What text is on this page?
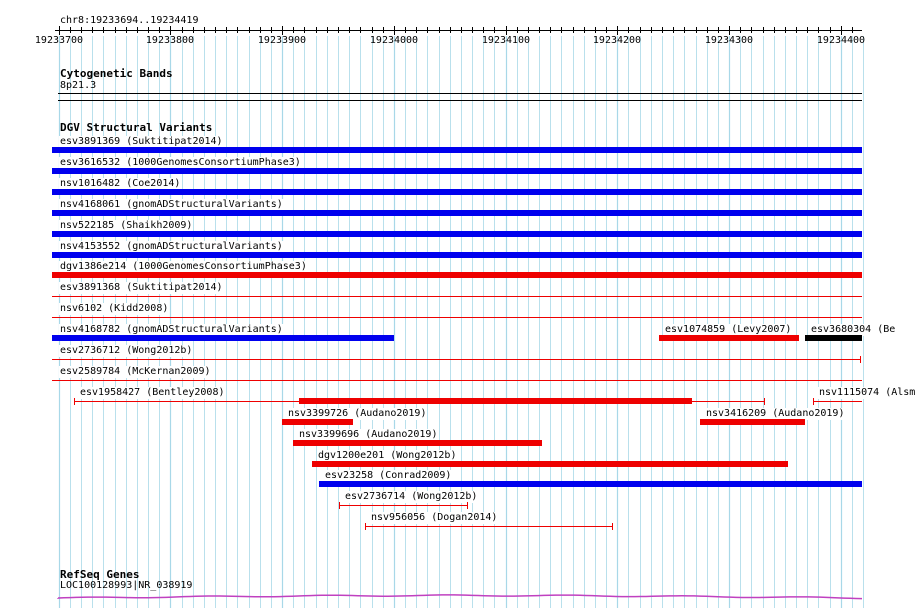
chr8:19233694..19234419
19233700	19233800	19233900	19234000	19234100	19234200	19234300	19234400
Cytogenetic Bands
8p21.3
DGV Structural Variants
esv3891369 (Suktitipat2014)
esv3616532 (1000GenomesConsortiumPhase3)
nsv1016482 (Coe2014)
nsv4168061 (gnomADStructuralVariants)
nsv522185 (Shaikh2009)
nsv4153552 (gnomADStructuralVariants)
dgv1386e214 (1000GenomesConsortiumPhase3)
esv3891368 (Suktitipat2014)
nsv6102 (Kidd2008)
nsv4168782 (gnomADStructuralVariants)	esv1074859 (Levy2007) esv3680304 (Be
esv2736712 (Wong2012b)
esv2589784 (McKernan2009)
esv1958427 (Bentley2008)	nsv1115074 (Alsm
nsv3399726 (Audano2019)	nsv3416209 (Audano2019)
nsv3399696 (Audano2019)
dgv1200e201 (Wong2012b)
esv23258 (Conrad2009)
esv2736714 (Wong2012b)
nsv956056 (Dogan2014)
RefSeq Genes
LOC100128993|NR_038919
